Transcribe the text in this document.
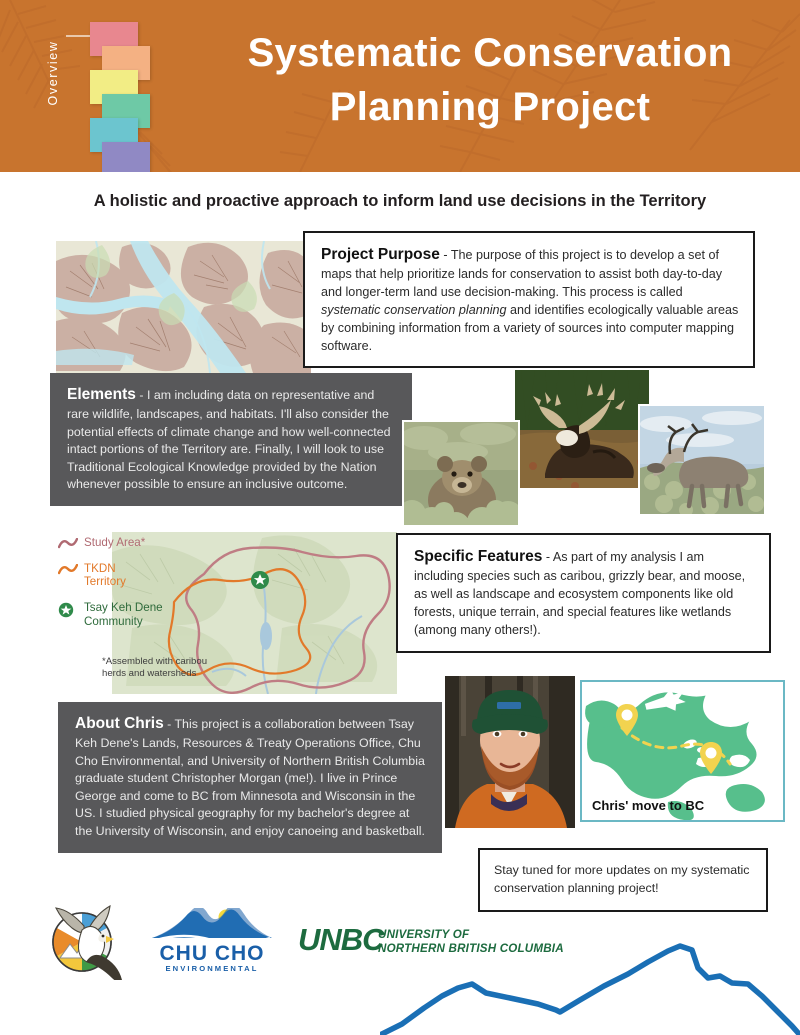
Overview	Systematic Conservation
Planning Project
A holistic and proactive approach to inform land use decisions in the Territory

Project Purpose - The purpose of this project is to develop a set of maps that help prioritize lands for conservation to assist both day-to-day and longer-term land use decision-making. This process is called systematic conservation planning and identifies ecologically valuable areas by combining information from a variety of sources into computer mapping software.

Elements - I am including data on representative and rare wildlife, landscapes, and habitats. I'll also consider the potential effects of climate change and how well-connected intact portions of the Territory are. Finally, I will look to use Traditional Ecological Knowledge provided by the Nation whenever possible to ensure an inclusive outcome.

Study Area*
TKDN
Territory
Tsay Keh Dene
Community
*Assembled with caribou herds and watersheds

Specific Features - As part of my analysis I am including species such as caribou, grizzly bear, and moose, as well as landscape and ecosystem components like old forests, unique terrain, and special features like wetlands (among many others!).

About Chris - This project is a collaboration between Tsay Keh Dene's Lands, Resources & Treaty Operations Office, Chu Cho Environmental, and University of Northern British Columbia graduate student Christopher Morgan (me!). I live in Prince George and come to BC from Minnesota and Wisconsin in the US. I studied physical geography for my bachelor's degree at the University of Wisconsin, and enjoy canoeing and basketball.

Chris' move to BC
Stay tuned for more updates on my systematic conservation planning project!
CHU CHO
ENVIRONMENTAL
UNBC
UNIVERSITY OF
NORTHERN BRITISH COLUMBIA
